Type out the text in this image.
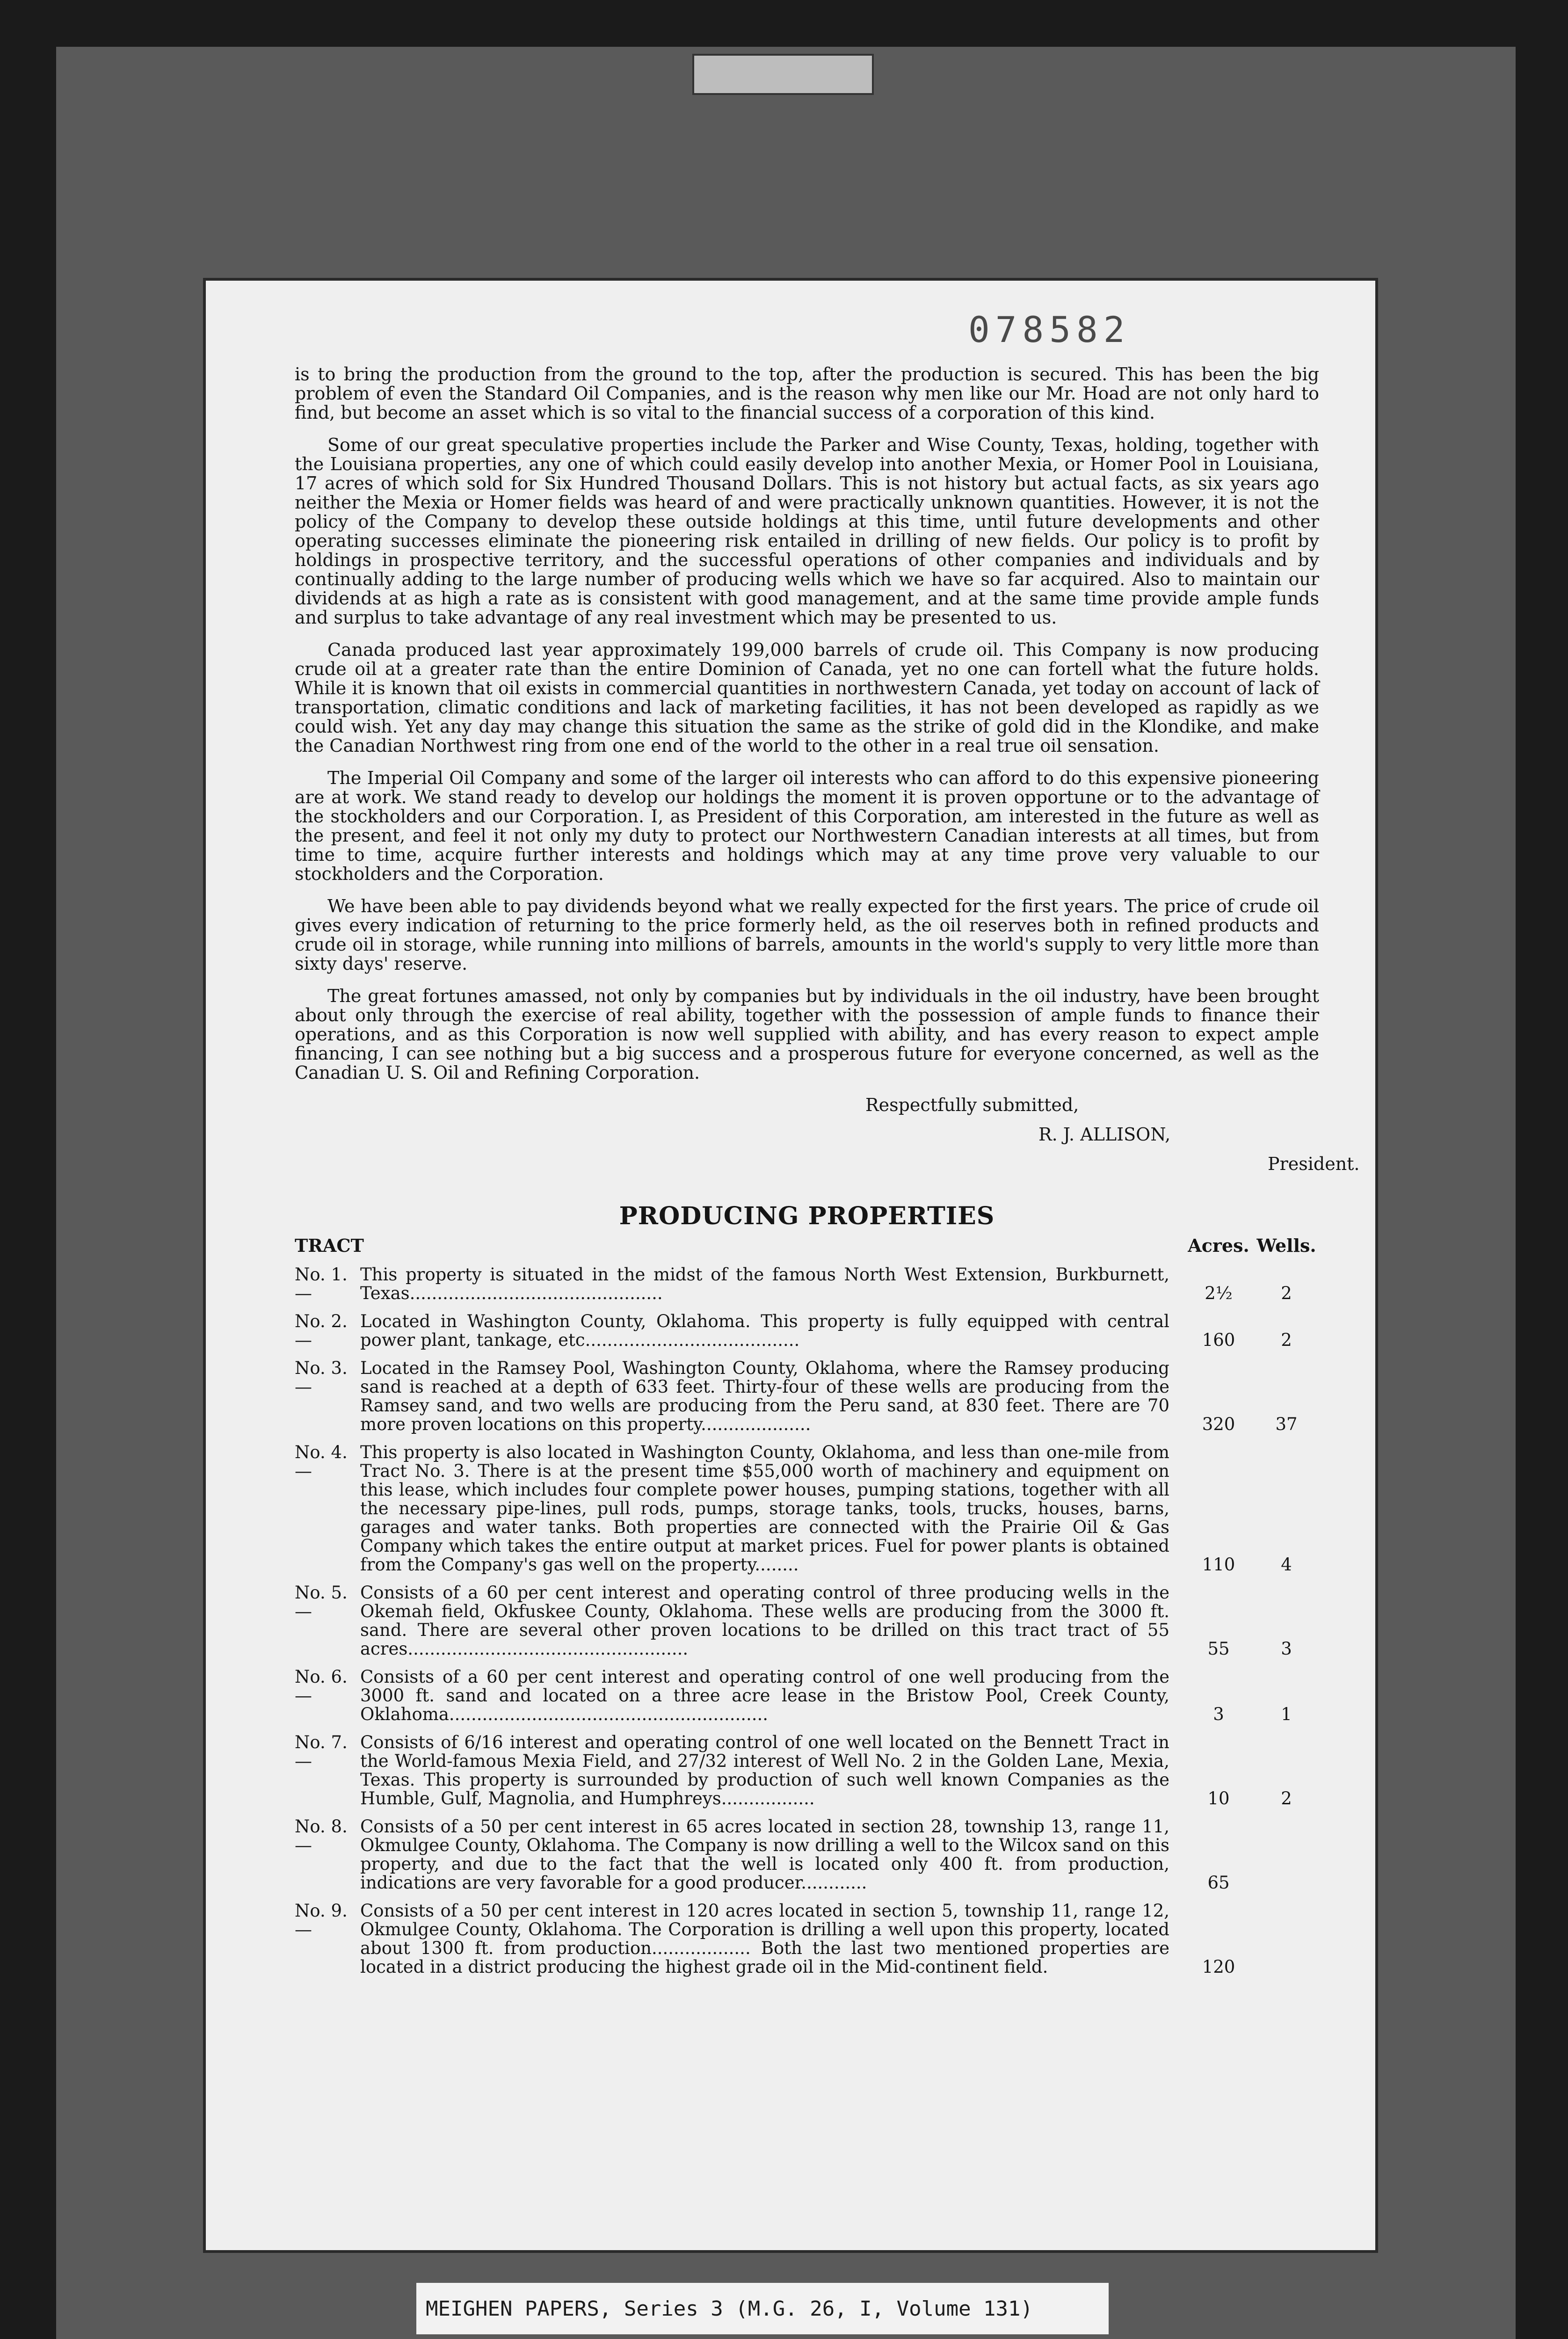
078582

is to bring the production from the ground to the top, after the production is secured. This has been the big problem of even the Standard Oil Companies, and is the reason why men like our Mr. Hoad are not only hard to find, but become an asset which is so vital to the financial success of a corporation of this kind.

Some of our great speculative properties include the Parker and Wise County, Texas, holding, together with the Louisiana properties, any one of which could easily develop into another Mexia, or Homer Pool in Louisiana, 17 acres of which sold for Six Hundred Thousand Dollars. This is not history but actual facts, as six years ago neither the Mexia or Homer fields was heard of and were practically unknown quantities. However, it is not the policy of the Company to develop these outside holdings at this time, until future developments and other operating successes eliminate the pioneering risk entailed in drilling of new fields. Our policy is to profit by holdings in prospective territory, and the successful operations of other companies and individuals and by continually adding to the large number of producing wells which we have so far acquired. Also to maintain our dividends at as high a rate as is consistent with good management, and at the same time provide ample funds and surplus to take advantage of any real investment which may be presented to us.

Canada produced last year approximately 199,000 barrels of crude oil. This Company is now producing crude oil at a greater rate than the entire Dominion of Canada, yet no one can fortell what the future holds. While it is known that oil exists in commercial quantities in northwestern Canada, yet today on account of lack of transportation, climatic conditions and lack of marketing facilities, it has not been developed as rapidly as we could wish. Yet any day may change this situation the same as the strike of gold did in the Klondike, and make the Canadian Northwest ring from one end of the world to the other in a real true oil sensation.

The Imperial Oil Company and some of the larger oil interests who can afford to do this expensive pioneering are at work. We stand ready to develop our holdings the moment it is proven opportune or to the advantage of the stockholders and our Corporation. I, as President of this Corporation, am interested in the future as well as the present, and feel it not only my duty to protect our Northwestern Canadian interests at all times, but from time to time, acquire further interests and holdings which may at any time prove very valuable to our stockholders and the Corporation.

We have been able to pay dividends beyond what we really expected for the first years. The price of crude oil gives every indication of returning to the price formerly held, as the oil reserves both in refined products and crude oil in storage, while running into millions of barrels, amounts in the world's supply to very little more than sixty days' reserve.

The great fortunes amassed, not only by companies but by individuals in the oil industry, have been brought about only through the exercise of real ability, together with the possession of ample funds to finance their operations, and as this Corporation is now well supplied with ability, and has every reason to expect ample financing, I can see nothing but a big success and a prosperous future for everyone concerned, as well as the Canadian U. S. Oil and Refining Corporation.

Respectfully submitted,
R. J. ALLISON,
President.
PRODUCING PROPERTIES
TRACT	Acres. Wells.
No. 1.—
This property is situated in the midst of the famous North West Extension, Burkburnett, Texas..............................................	2½	2
No. 2.—
Located in Washington County, Oklahoma. This property is fully equipped with central power plant, tankage, etc.......................................	160	2
No. 3.—
Located in the Ramsey Pool, Washington County, Oklahoma, where the Ramsey producing sand is reached at a depth of 633 feet. Thirty-four of these wells are producing from the Ramsey sand, and two wells are producing from the Peru sand, at 830 feet. There are 70 more proven locations on this property....................	320	37
No. 4.—
This property is also located in Washington County, Oklahoma, and less than one-mile from Tract No. 3. There is at the present time $55,000 worth of machinery and equipment on this lease, which includes four complete power houses, pumping stations, together with all the necessary pipe-lines, pull rods, pumps, storage tanks, tools, trucks, houses, barns, garages and water tanks. Both properties are connected with the Prairie Oil & Gas Company which takes the entire output at market prices. Fuel for power plants is obtained from the Company's gas well on the property........	110	4
No. 5.—
Consists of a 60 per cent interest and operating control of three producing wells in the Okemah field, Okfuskee County, Oklahoma. These wells are producing from the 3000 ft. sand. There are several other proven locations to be drilled on this tract tract of 55 acres...................................................	55	3
No. 6.—
Consists of a 60 per cent interest and operating control of one well producing from the 3000 ft. sand and located on a three acre lease in the Bristow Pool, Creek County, Oklahoma..........................................................	3	1
No. 7.—
Consists of 6/16 interest and operating control of one well located on the Bennett Tract in the World-famous Mexia Field, and 27/32 interest of Well No. 2 in the Golden Lane, Mexia, Texas. This property is surrounded by production of such well known Companies as the Humble, Gulf, Magnolia, and Humphreys.................	10	2
No. 8.—
Consists of a 50 per cent interest in 65 acres located in section 28, township 13, range 11, Okmulgee County, Oklahoma. The Company is now drilling a well to the Wilcox sand on this property, and due to the fact that the well is located only 400 ft. from production, indications are very favorable for a good producer............	65
No. 9.—
Consists of a 50 per cent interest in 120 acres located in section 5, township 11, range 12, Okmulgee County, Oklahoma. The Corporation is drilling a well upon this property, located about 1300 ft. from production.................. Both the last two mentioned properties are located in a district producing the highest grade oil in the Mid-continent field.	120
MEIGHEN PAPERS, Series 3 (M.G. 26, I, Volume 131)
